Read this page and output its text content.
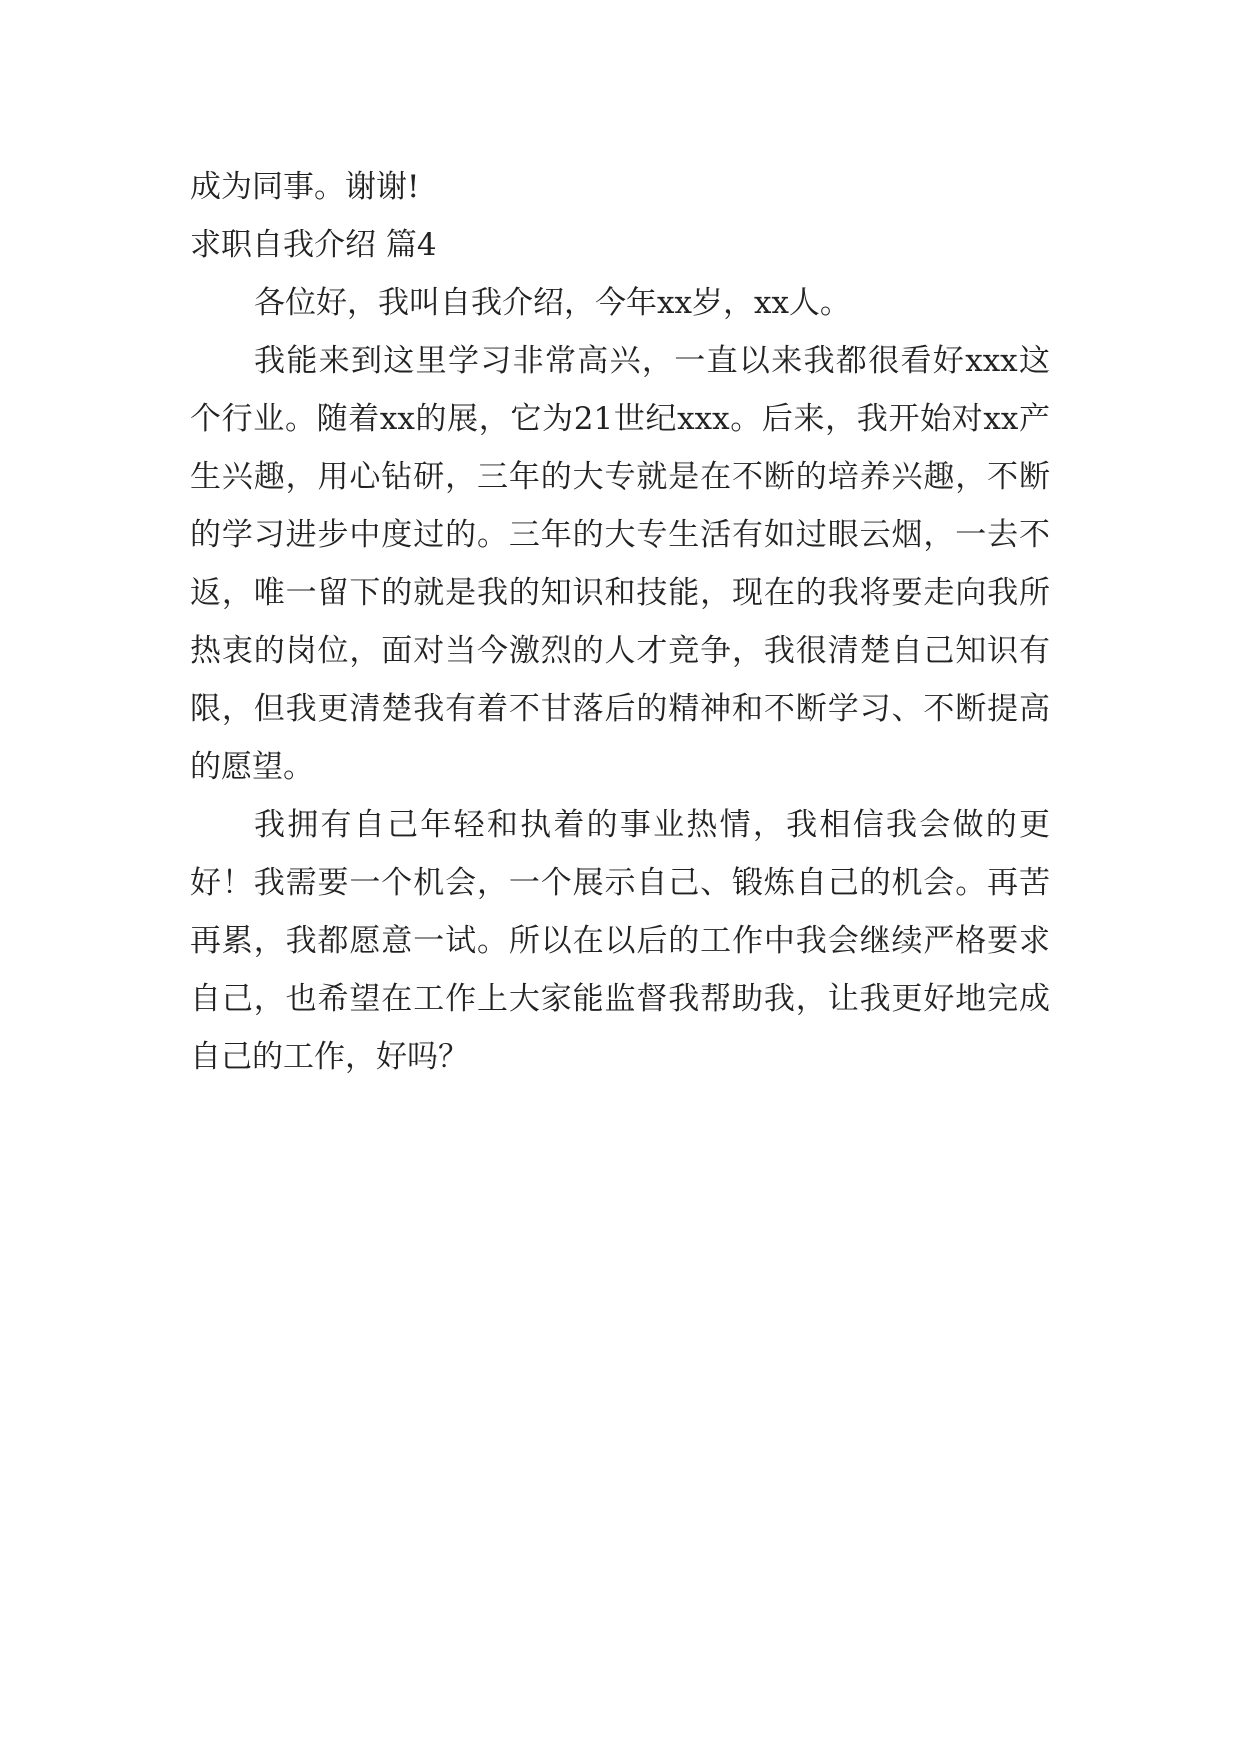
成为同事。谢谢!

求职自我介绍 篇4

各位好，我叫自我介绍，今年xx岁，xx人。

我能来到这里学习非常高兴，一直以来我都很看好xxx这个行业。随着xx的展，它为21世纪xxx。后来，我开始对xx产生兴趣，用心钻研，三年的大专就是在不断的培养兴趣，不断的学习进步中度过的。三年的大专生活有如过眼云烟，一去不返，唯一留下的就是我的知识和技能，现在的我将要走向我所热衷的岗位，面对当今激烈的人才竞争，我很清楚自己知识有限，但我更清楚我有着不甘落后的精神和不断学习、不断提高的愿望。

我拥有自己年轻和执着的事业热情，我相信我会做的更好！我需要一个机会，一个展示自己、锻炼自己的机会。再苦再累，我都愿意一试。所以在以后的工作中我会继续严格要求自己，也希望在工作上大家能监督我帮助我，让我更好地完成自己的工作，好吗？
